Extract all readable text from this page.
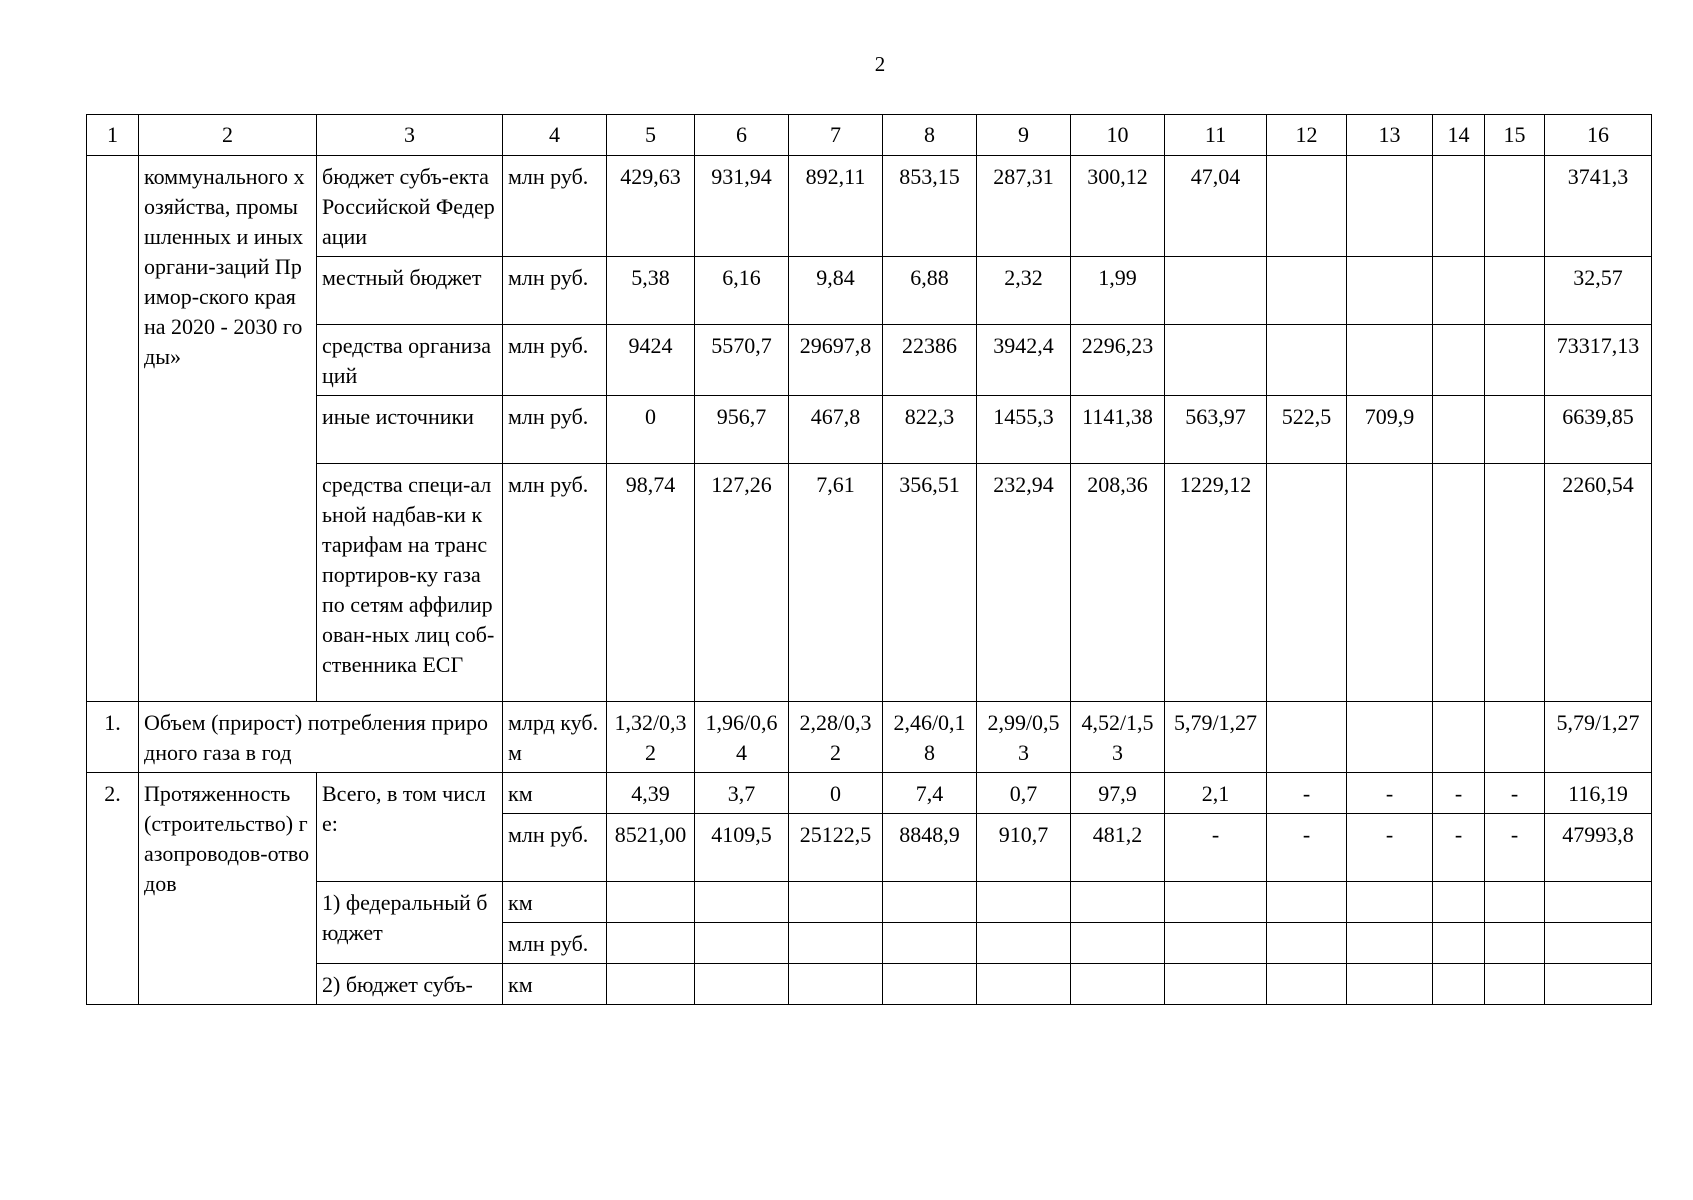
2
1	2	3	4	5	6	7	8	9	10	11	12	13	14	15	16
	коммунального хозяйства, промышленных и иных органи-заций Примор-ского края на 2020 - 2030 годы»	бюджет субъ-екта Российской Федерации	млн руб.	429,63	931,94	892,11	853,15	287,31	300,12	47,04					3741,3
		местный бюджет	млн руб.	5,38	6,16	9,84	6,88	2,32	1,99						32,57
		средства организаций	млн руб.	9424	5570,7	29697,8	22386	3942,4	2296,23						73317,13
		иные источники	млн руб.	0	956,7	467,8	822,3	1455,3	1141,38	563,97	522,5	709,9			6639,85
		средства специ-альной надбав-ки к тарифам на транспортиров-ку газа по сетям аффилирован-ных лиц соб-ственника ЕСГ	млн руб.	98,74	127,26	7,61	356,51	232,94	208,36	1229,12					2260,54
1.	Объем (прирост) потребления природного газа в год		млрд куб. м	1,32/0,32	1,96/0,64	2,28/0,32	2,46/0,18	2,99/0,53	4,52/1,53	5,79/1,27					5,79/1,27
2.	Протяженность (строительство) газопроводов-отводов	Всего, в том числе:	км	4,39	3,7	0	7,4	0,7	97,9	2,1	-	-	-	-	116,19
			млн руб.	8521,00	4109,5	25122,5	8848,9	910,7	481,2	-	-	-	-	-	47993,8
		1) федеральный бюджет	км												
			млн руб.												
		2) бюджет субъ-	км												
